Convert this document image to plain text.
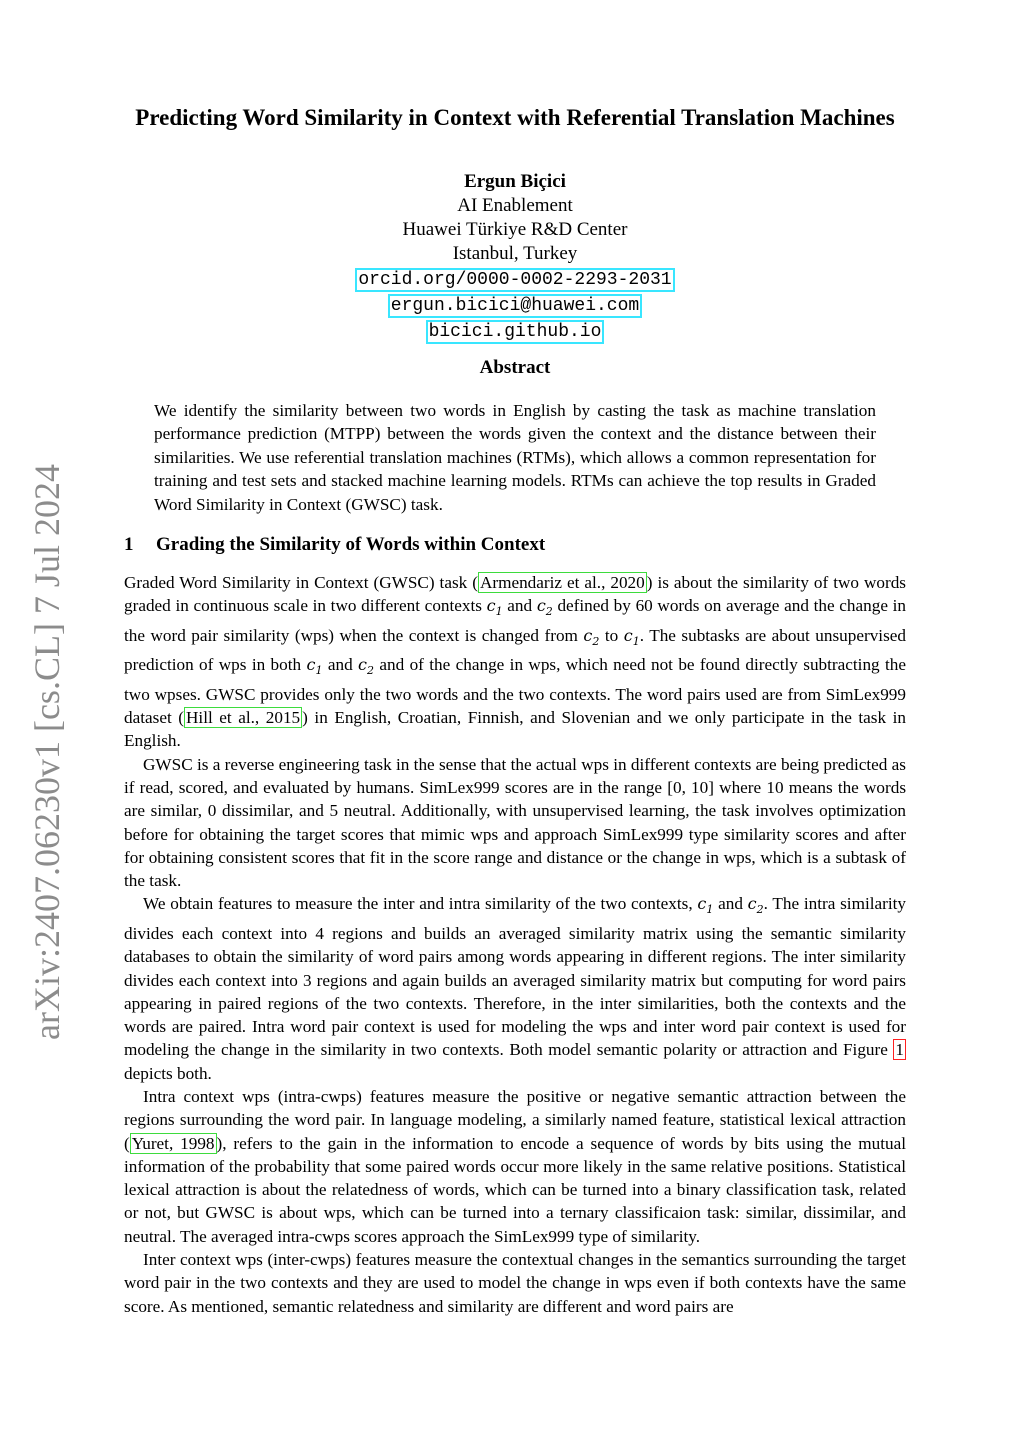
arXiv:2407.06230v1 [cs.CL] 7 Jul 2024
Predicting Word Similarity in Context with Referential Translation Machines
Ergun Biçici
AI Enablement
Huawei Türkiye R&D Center
Istanbul, Turkey
orcid.org/0000-0002-2293-2031
ergun.bicici@huawei.com
bicici.github.io
Abstract
We identify the similarity between two words in English by casting the task as machine translation performance prediction (MTPP) between the words given the context and the distance between their similarities. We use referential translation machines (RTMs), which allows a common representation for training and test sets and stacked machine learning models. RTMs can achieve the top results in Graded Word Similarity in Context (GWSC) task.
1 Grading the Similarity of Words within Context

Graded Word Similarity in Context (GWSC) task ( Armendariz et al., 2020 ) is about the similarity of two words graded in continuous scale in two different contexts $c_1$ and $c_2$ defined by 60 words on average and the change in the word pair similarity (wps) when the context is changed from $c_2$ to $c_1$. The subtasks are about unsupervised prediction of wps in both $c_1$ and $c_2$ and of the change in wps, which need not be found directly subtracting the two wpses. GWSC provides only the two words and the two contexts. The word pairs used are from SimLex999 dataset ( Hill et al., 2015 ) in English, Croatian, Finnish, and Slovenian and we only participate in the task in English.

GWSC is a reverse engineering task in the sense that the actual wps in different contexts are being predicted as if read, scored, and evaluated by humans. SimLex999 scores are in the range [0, 10] where 10 means the words are similar, 0 dissimilar, and 5 neutral. Additionally, with unsupervised learning, the task involves optimization before for obtaining the target scores that mimic wps and approach SimLex999 type similarity scores and after for obtaining consistent scores that fit in the score range and distance or the change in wps, which is a subtask of the task.

We obtain features to measure the inter and intra similarity of the two contexts, $c_1$ and $c_2$. The intra similarity divides each context into 4 regions and builds an averaged similarity matrix using the semantic similarity databases to obtain the similarity of word pairs among words appearing in different regions. The inter similarity divides each context into 3 regions and again builds an averaged similarity matrix but computing for word pairs appearing in paired regions of the two contexts. Therefore, in the inter similarities, both the contexts and the words are paired. Intra word pair context is used for modeling the wps and inter word pair context is used for modeling the change in the similarity in two contexts. Both model semantic polarity or attraction and Figure 1 depicts both.

Intra context wps (intra-cwps) features measure the positive or negative semantic attraction between the regions surrounding the word pair. In language modeling, a similarly named feature, statistical lexical attraction ( Yuret, 1998 ), refers to the gain in the information to encode a sequence of words by bits using the mutual information of the probability that some paired words occur more likely in the same relative positions. Statistical lexical attraction is about the relatedness of words, which can be turned into a binary classification task, related or not, but GWSC is about wps, which can be turned into a ternary classificaion task: similar, dissimilar, and neutral. The averaged intra-cwps scores approach the SimLex999 type of similarity.

Inter context wps (inter-cwps) features measure the contextual changes in the semantics surrounding the target word pair in the two contexts and they are used to model the change in wps even if both contexts have the same score. As mentioned, semantic relatedness and similarity are different and word pairs are
